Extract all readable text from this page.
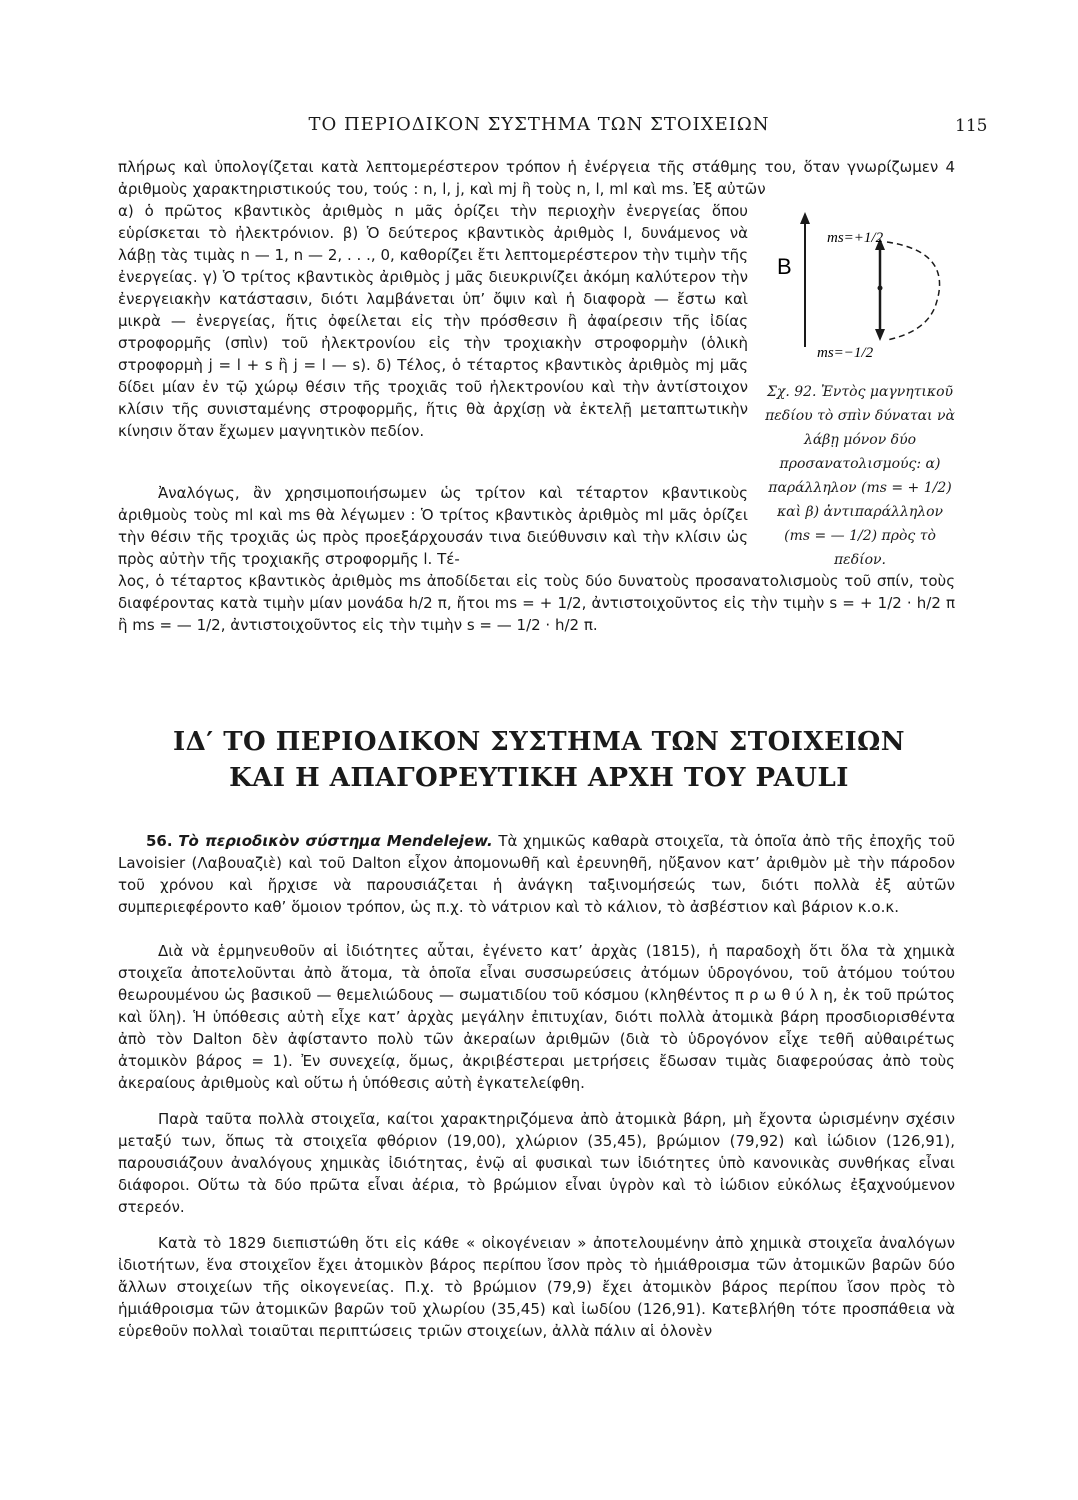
ΤΟ ΠΕΡΙΟΔΙΚΟΝ ΣΥΣΤΗΜΑ ΤΩΝ ΣΤΟΙΧΕΙΩΝ	115

πλήρως καὶ ὑπολογίζεται κατὰ λεπτομερέστερον τρόπον ἡ ἐνέργεια τῆς στάθμης του, ὅταν γνωρίζωμεν 4 ἀριθμοὺς χαρακτηριστικούς του, τούς : n, l, j, καὶ mj ἢ τοὺς n, l, ml καὶ ms. Ἐξ αὐτῶν

α) ὁ πρῶτος κβαντικὸς ἀριθμὸς n μᾶς ὁρίζει τὴν περιοχὴν ἐνεργείας ὅπου εὑρίσκεται τὸ ἠλεκτρόνιον. β) Ὁ δεύτερος κβαντικὸς ἀριθμὸς l, δυνάμενος νὰ λάβῃ τὰς τιμὰς n — 1, n — 2, . . ., 0, καθορίζει ἔτι λεπτομερέστερον τὴν τιμὴν τῆς ἐνεργείας. γ) Ὁ τρίτος κβαντικὸς ἀριθμὸς j μᾶς διευκρινίζει ἀκόμη καλύτερον τὴν ἐνεργειακὴν κατάστασιν, διότι λαμβάνεται ὑπ’ ὄψιν καὶ ἡ διαφορὰ — ἔστω καὶ μικρὰ — ἐνεργείας, ἥτις ὀφείλεται εἰς τὴν πρόσθεσιν ἢ ἀφαίρεσιν τῆς ἰδίας στροφορμῆς (σπὶν) τοῦ ἠλεκτρονίου εἰς τὴν τροχιακὴν στροφορμὴν (ὁλικὴ στροφορμὴ j = l + s ἢ j = l — s). δ) Τέλος, ὁ τέταρτος κβαντικὸς ἀριθμὸς mj μᾶς δίδει μίαν ἐν τῷ χώρῳ θέσιν τῆς τροχιᾶς τοῦ ἠλεκτρονίου καὶ τὴν ἀντίστοιχον κλίσιν τῆς συνισταμένης στροφορμῆς, ἥτις θὰ ἀρχίσῃ νὰ ἐκτελῇ μεταπτωτικὴν κίνησιν ὅταν ἔχωμεν μαγνητικὸν πεδίον.

Ἀναλόγως, ἂν χρησιμοποιήσωμεν ὡς τρίτον καὶ τέταρτον κβαντικοὺς ἀριθμοὺς τοὺς ml καὶ ms θὰ λέγωμεν : Ὁ τρίτος κβαντικὸς ἀριθμὸς ml μᾶς ὁρίζει τὴν θέσιν τῆς τροχιᾶς ὡς πρὸς προεξάρχουσάν τινα διεύθυνσιν καὶ τὴν κλίσιν ὡς πρὸς αὐτὴν τῆς τροχιακῆς στροφορμῆς l. Τέ-

λος, ὁ τέταρτος κβαντικὸς ἀριθμὸς ms ἀποδίδεται εἰς τοὺς δύο δυνατοὺς προσανατολισμοὺς τοῦ σπίν, τοὺς διαφέροντας κατὰ τιμὴν μίαν μονάδα h/2 π, ἤτοι ms = + 1/2, ἀντιστοιχοῦντος εἰς τὴν τιμὴν s = + 1/2 · h/2 π ἢ ms = — 1/2, ἀντιστοιχοῦντος εἰς τὴν τιμὴν s = — 1/2 · h/2 π.

B
ms=+1/2
ms=−1/2

Σχ. 92. Ἐντὸς μαγνητικοῦ πεδίου τὸ σπὶν δύναται νὰ λάβῃ μόνον δύο προσανατολισμούς: α) παράλληλον (ms = + 1/2) καὶ β) ἀντιπαράλληλον (ms = — 1/2) πρὸς τὸ πεδίον.

ΙΔ′ ΤΟ ΠΕΡΙΟΔΙΚΟΝ ΣΥΣΤΗΜΑ ΤΩΝ ΣΤΟΙΧΕΙΩΝ
ΚΑΙ Η ΑΠΑΓΟΡΕΥΤΙΚΗ ΑΡΧΗ ΤΟΥ PAULI

56. Τὸ περιοδικὸν σύστημα Mendelejew. Τὰ χημικῶς καθαρὰ στοιχεῖα, τὰ ὁποῖα ἀπὸ τῆς ἐποχῆς τοῦ Lavoisier (Λαβουαζιὲ) καὶ τοῦ Dalton εἶχον ἀπομονωθῆ καὶ ἐρευνηθῆ, ηὔξανον κατ’ ἀριθμὸν μὲ τὴν πάροδον τοῦ χρόνου καὶ ἤρχισε νὰ παρουσιάζεται ἡ ἀνάγκη ταξινομήσεώς των, διότι πολλὰ ἐξ αὐτῶν συμπεριεφέροντο καθ’ ὅμοιον τρόπον, ὡς π.χ. τὸ νάτριον καὶ τὸ κάλιον, τὸ ἀσβέστιον καὶ βάριον κ.ο.κ.

Διὰ νὰ ἑρμηνευθοῦν αἱ ἰδιότητες αὗται, ἐγένετο κατ’ ἀρχὰς (1815), ἡ παραδοχὴ ὅτι ὅλα τὰ χημικὰ στοιχεῖα ἀποτελοῦνται ἀπὸ ἄτομα, τὰ ὁποῖα εἶναι συσσωρεύσεις ἀτόμων ὑδρογόνου, τοῦ ἀτόμου τούτου θεωρουμένου ὡς βασικοῦ — θεμελιώδους — σωματιδίου τοῦ κόσμου (κληθέντος π ρ ω θ ύ λ η, ἐκ τοῦ πρώτος καὶ ὕλη). Ἡ ὑπόθεσις αὐτὴ εἶχε κατ’ ἀρχὰς μεγάλην ἐπιτυχίαν, διότι πολλὰ ἀτομικὰ βάρη προσδιορισθέντα ἀπὸ τὸν Dalton δὲν ἀφίσταντο πολὺ τῶν ἀκεραίων ἀριθμῶν (διὰ τὸ ὑδρογόνον εἶχε τεθῆ αὐθαιρέτως ἀτομικὸν βάρος = 1). Ἐν συνεχείᾳ, ὅμως, ἀκριβέστεραι μετρήσεις ἔδωσαν τιμὰς διαφερούσας ἀπὸ τοὺς ἀκεραίους ἀριθμοὺς καὶ οὕτω ἡ ὑπόθεσις αὐτὴ ἐγκατελείφθη.

Παρὰ ταῦτα πολλὰ στοιχεῖα, καίτοι χαρακτηριζόμενα ἀπὸ ἀτομικὰ βάρη, μὴ ἔχοντα ὡρισμένην σχέσιν μεταξύ των, ὅπως τὰ στοιχεῖα φθόριον (19,00), χλώριον (35,45), βρώμιον (79,92) καὶ ἰώδιον (126,91), παρουσιάζουν ἀναλόγους χημικὰς ἰδιότητας, ἐνῷ αἱ φυσικαὶ των ἰδιότητες ὑπὸ κανονικὰς συνθήκας εἶναι διάφοροι. Οὕτω τὰ δύο πρῶτα εἶναι ἀέρια, τὸ βρώμιον εἶναι ὑγρὸν καὶ τὸ ἰώδιον εὐκόλως ἐξαχνούμενον στερεόν.

Κατὰ τὸ 1829 διεπιστώθη ὅτι εἰς κάθε « οἰκογένειαν » ἀποτελουμένην ἀπὸ χημικὰ στοιχεῖα ἀναλόγων ἰδιοτήτων, ἕνα στοιχεῖον ἔχει ἀτομικὸν βάρος περίπου ἴσον πρὸς τὸ ἡμιάθροισμα τῶν ἀτομικῶν βαρῶν δύο ἄλλων στοιχείων τῆς οἰκογενείας. Π.χ. τὸ βρώμιον (79,9) ἔχει ἀτομικὸν βάρος περίπου ἴσον πρὸς τὸ ἡμιάθροισμα τῶν ἀτομικῶν βαρῶν τοῦ χλωρίου (35,45) καὶ ἰωδίου (126,91). Κατεβλήθη τότε προσπάθεια νὰ εὑρεθοῦν πολλαὶ τοιαῦται περιπτώσεις τριῶν στοιχείων, ἀλλὰ πάλιν αἱ ὁλονὲν
